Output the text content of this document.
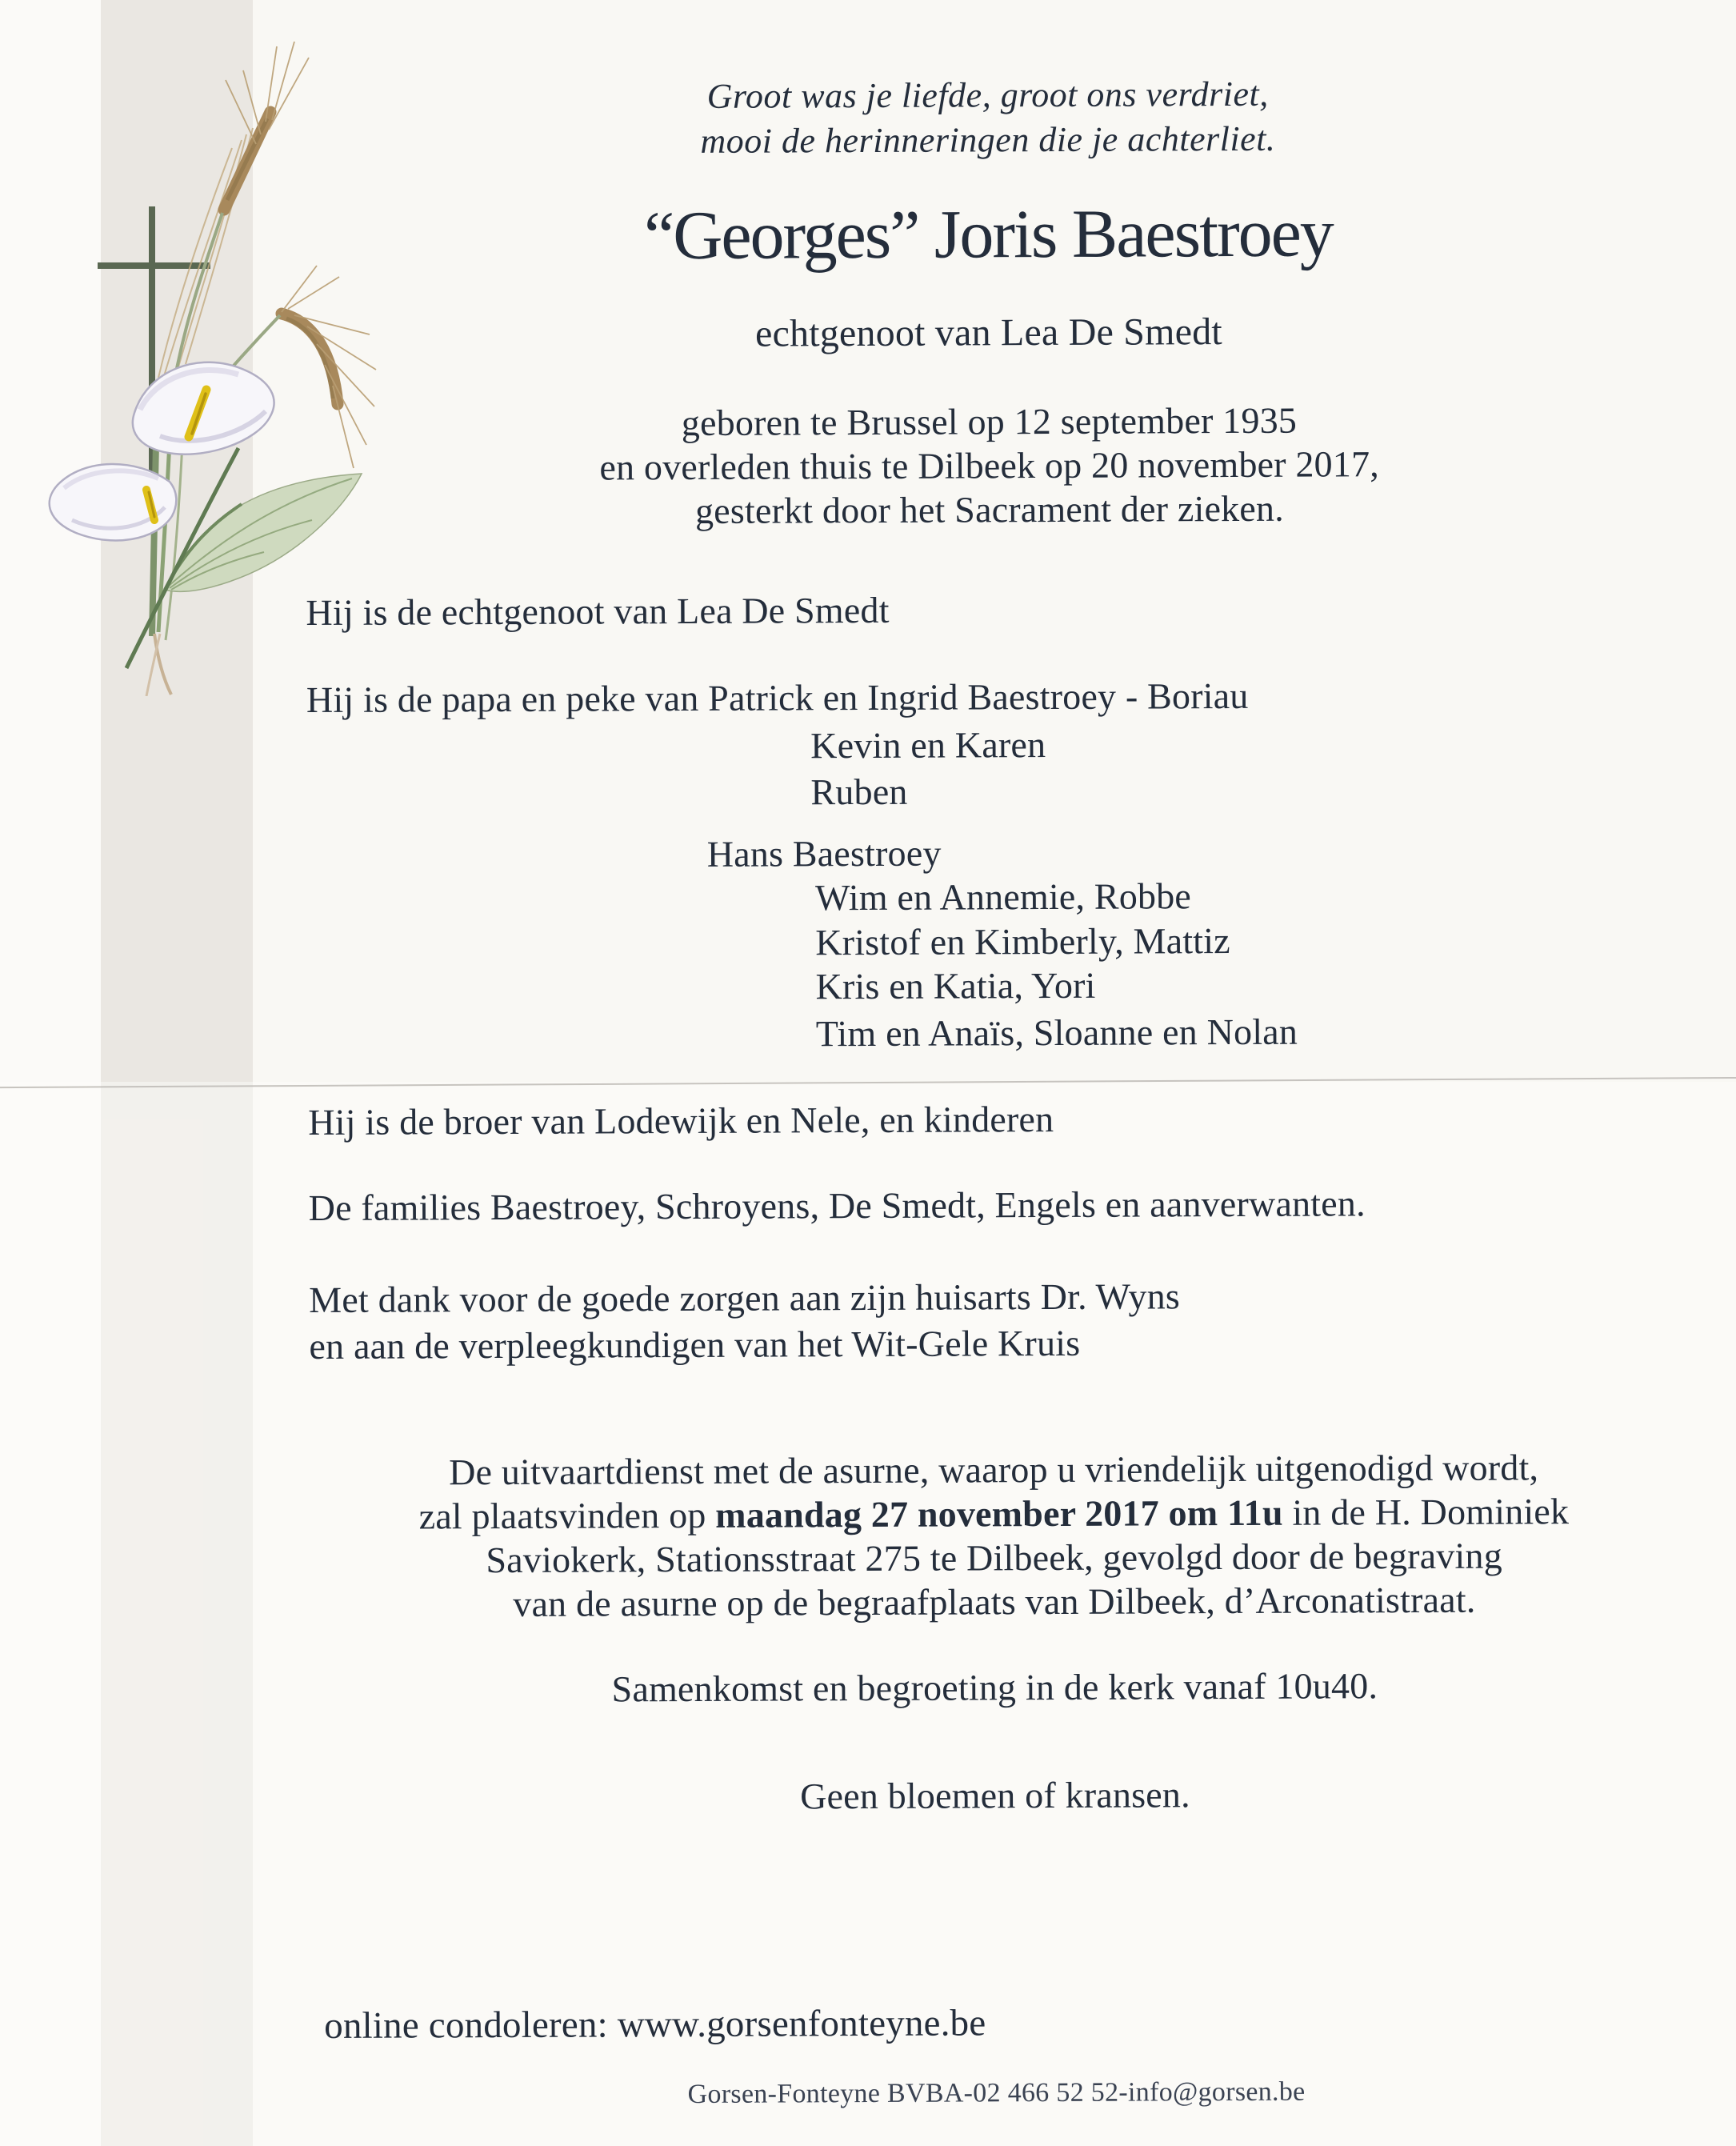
Groot was je liefde, groot ons verdriet,
mooi de herinneringen die je achterliet.
“Georges” Joris Baestroey
echtgenoot van Lea De Smedt
geboren te Brussel op 12 september 1935
en overleden thuis te Dilbeek op 20 november 2017,
gesterkt door het Sacrament der zieken.
Hij is de echtgenoot van Lea De Smedt
Hij is de papa en peke van Patrick en Ingrid Baestroey - Boriau
Kevin en Karen
Ruben
Hans Baestroey
Wim en Annemie, Robbe
Kristof en Kimberly, Mattiz
Kris en Katia, Yori
Tim en Anaïs, Sloanne en Nolan
Hij is de broer van Lodewijk en Nele, en kinderen
De families Baestroey, Schroyens, De Smedt, Engels en aanverwanten.
Met dank voor de goede zorgen aan zijn huisarts Dr. Wyns
en aan de verpleegkundigen van het Wit-Gele Kruis
De uitvaartdienst met de asurne, waarop u vriendelijk uitgenodigd wordt,
zal plaatsvinden op maandag 27 november 2017 om 11u in de H. Dominiek
Saviokerk, Stationsstraat 275 te Dilbeek, gevolgd door de begraving
van de asurne op de begraafplaats van Dilbeek, d’Arconatistraat.
Samenkomst en begroeting in de kerk vanaf 10u40.
Geen bloemen of kransen.
online condoleren: www.gorsenfonteyne.be
Gorsen-Fonteyne BVBA-02 466 52 52-info@gorsen.be
